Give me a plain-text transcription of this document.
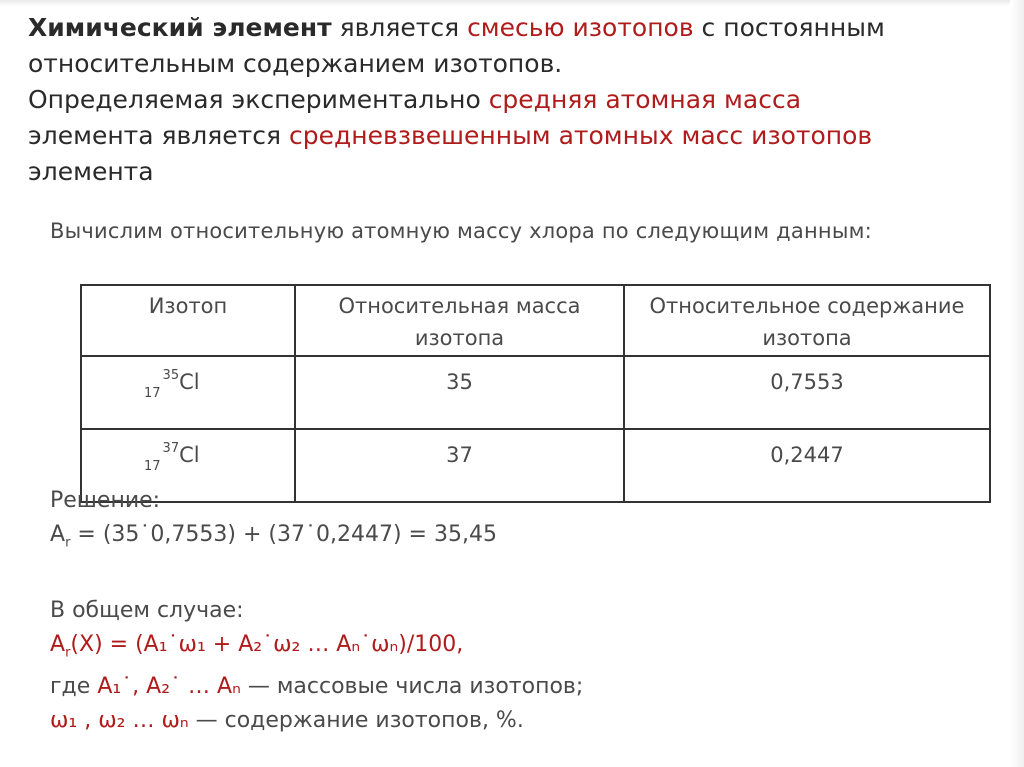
Химический элемент является смесью изотопов с постоянным
относительным содержанием изотопов.
Определяемая экспериментально средняя атомная масса
элемента является средневзвешенным атомных масс изотопов
элемента
Вычислим относительную атомную массу хлора по следующим данным:
Изотоп	Относительная масса изотопа	Относительное содержание изотопа
$_{17}^{35}$Cl	35	0,7553
$_{17}^{37}$Cl	37	0,2447
Решение:
$A_r$ = (35˙0,7553) + (37˙0,2447) = 35,45
В общем случае:
$A_r(X)$ = (A₁˙ω₁ + A₂˙ω₂ … Aₙ˙ωₙ)/100,
где A₁˙, A₂˙ … Aₙ — массовые числа изотопов;
ω₁ , ω₂ … ωₙ — содержание изотопов, %.
